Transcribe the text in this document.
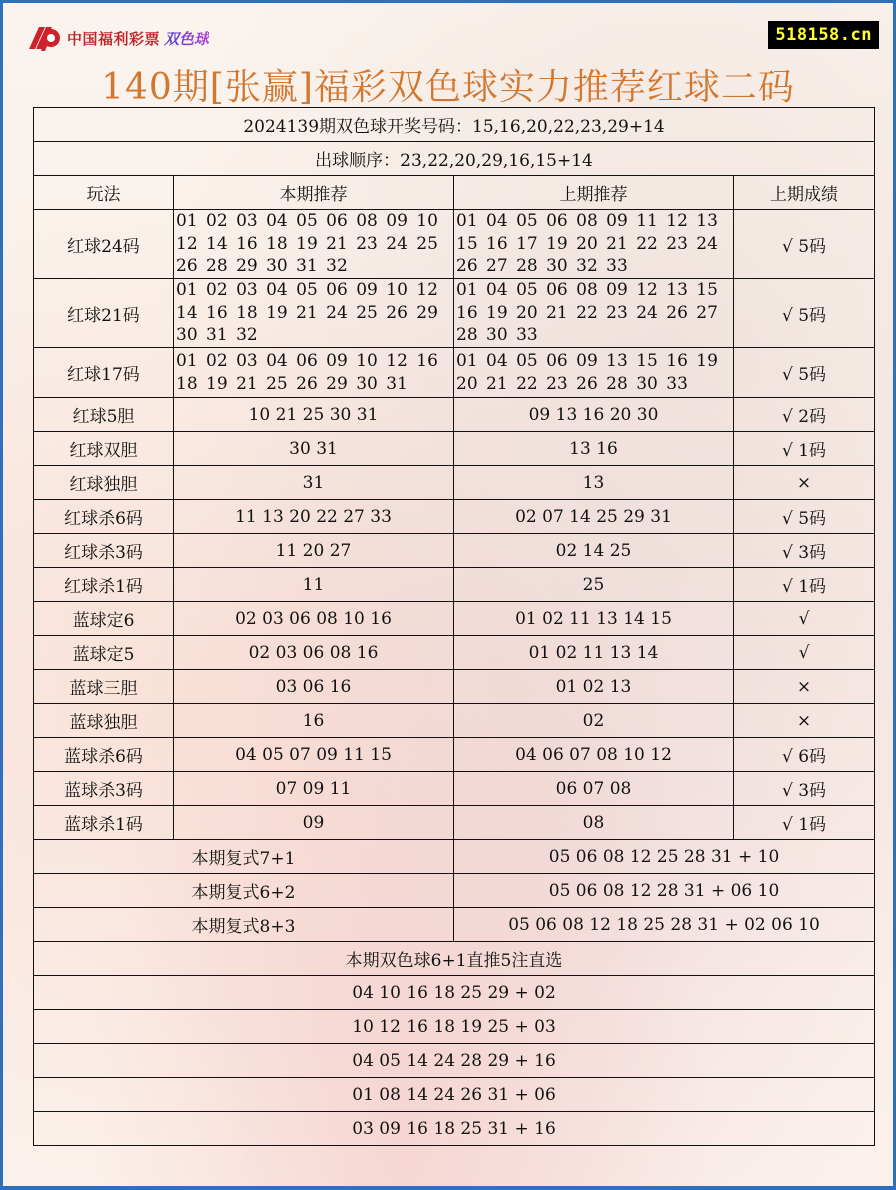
中国福利彩票 双色球	518158.cn
140期[张赢]福彩双色球实力推荐红球二码
2024139期双色球开奖号码：15,16,20,22,23,29+14			
出球顺序：23,22,20,29,16,15+14			
玩法	本期推荐	上期推荐	上期成绩
红球24码	01 02 03 04 05 06 08 09 10 12 14 16 18 19 21 23 24 25 26 28 29 30 31 32	01 04 05 06 08 09 11 12 13 15 16 17 19 20 21 22 23 24 26 27 28 30 32 33	√ 5码
红球21码	01 02 03 04 05 06 09 10 12 14 16 18 19 21 24 25 26 29 30 31 32	01 04 05 06 08 09 12 13 15 16 19 20 21 22 23 24 26 27 28 30 33	√ 5码
红球17码	01 02 03 04 06 09 10 12 16 18 19 21 25 26 29 30 31	01 04 05 06 09 13 15 16 19 20 21 22 23 26 28 30 33	√ 5码
红球5胆	10 21 25 30 31	09 13 16 20 30	√ 2码
红球双胆	30 31	13 16	√ 1码
红球独胆	31	13	×
红球杀6码	11 13 20 22 27 33	02 07 14 25 29 31	√ 5码
红球杀3码	11 20 27	02 14 25	√ 3码
红球杀1码	11	25	√ 1码
蓝球定6	02 03 06 08 10 16	01 02 11 13 14 15	√
蓝球定5	02 03 06 08 16	01 02 11 13 14	√
蓝球三胆	03 06 16	01 02 13	×
蓝球独胆	16	02	×
蓝球杀6码	04 05 07 09 11 15	04 06 07 08 10 12	√ 6码
蓝球杀3码	07 09 11	06 07 08	√ 3码
蓝球杀1码	09	08	√ 1码
本期复式7+1		05 06 08 12 25 28 31 + 10	
本期复式6+2		05 06 08 12 28 31 + 06 10	
本期复式8+3		05 06 08 12 18 25 28 31 + 02 06 10	
本期双色球6+1直推5注直选			
04 10 16 18 25 29 + 02			
10 12 16 18 19 25 + 03			
04 05 14 24 28 29 + 16			
01 08 14 24 26 31 + 06			
03 09 16 18 25 31 + 16			
